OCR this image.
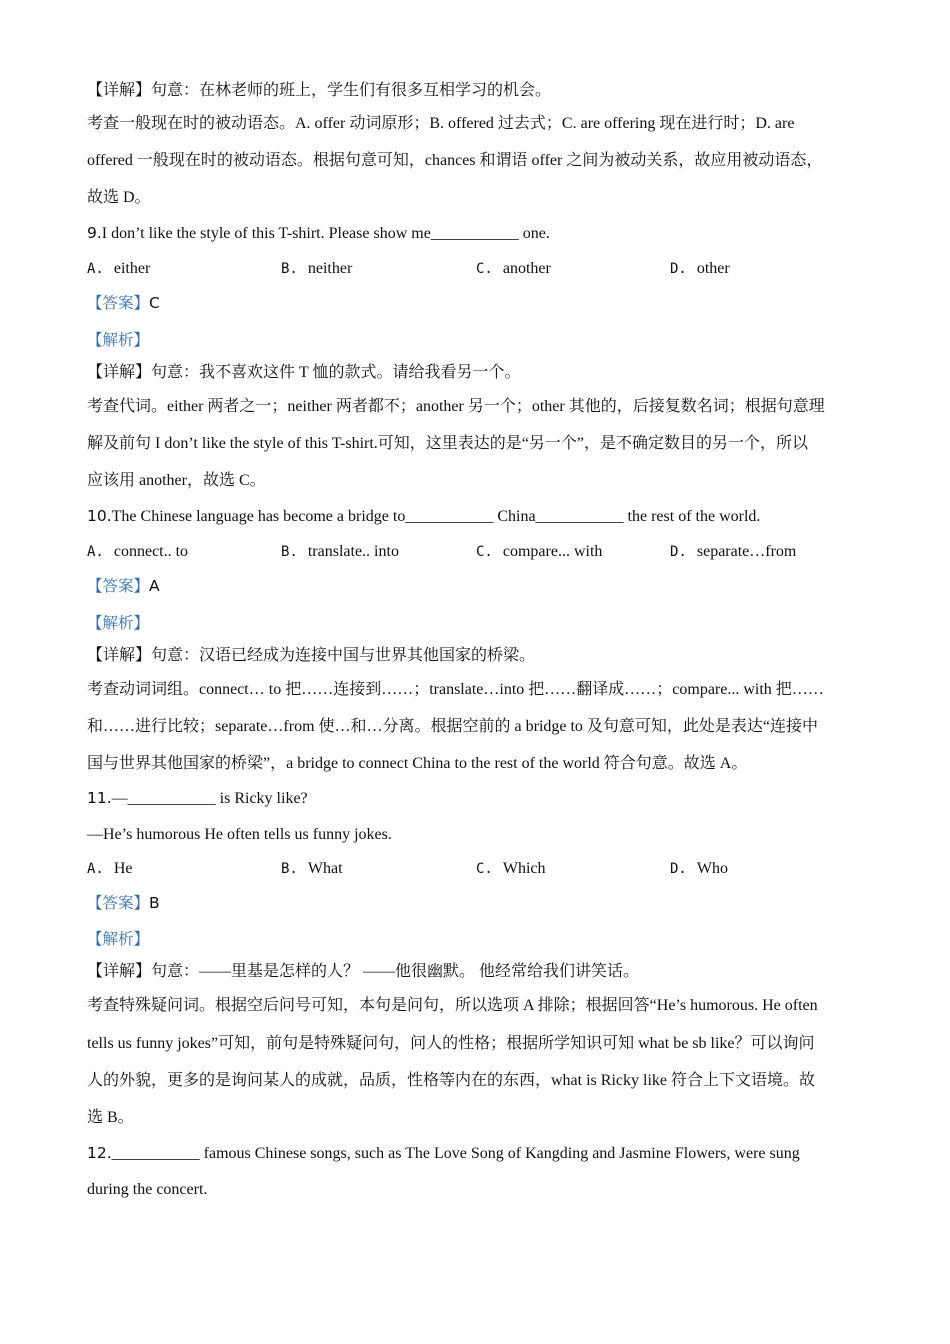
【详解】句意：在林老师的班上，学生们有很多互相学习的机会。
考查一般现在时的被动语态。A. offer 动词原形；B. offered 过去式；C. are offering 现在进行时；D. are
offered 一般现在时的被动语态。根据句意可知，chances 和谓语 offer 之间为被动关系，故应用被动语态，
故选 D。
9.I don’t like the style of this T-shirt. Please show me___________ one.
A. either	B. neither	C. another	D. other
【答案】C
【解析】
【详解】句意：我不喜欢这件 T 恤的款式。请给我看另一个。
考查代词。either 两者之一；neither 两者都不；another 另一个；other 其他的，后接复数名词；根据句意理
解及前句 I don’t like the style of this T-shirt.可知，这里表达的是“另一个”，是不确定数目的另一个，所以
应该用 another，故选 C。
10.The Chinese language has become a bridge to___________ China___________ the rest of the world.
A. connect.. to	B. translate.. into	C. compare... with	D. separate…from
【答案】A
【解析】
【详解】句意：汉语已经成为连接中国与世界其他国家的桥梁。
考查动词词组。connect… to 把……连接到……；translate…into 把……翻译成……；compare... with 把……
和……进行比较；separate…from 使…和…分离。根据空前的 a bridge to 及句意可知，此处是表达“连接中
国与世界其他国家的桥梁”，a bridge to connect China to the rest of the world 符合句意。故选 A。
11.—___________ is Ricky like?
—He’s humorous He often tells us funny jokes.
A. He	B. What	C. Which	D. Who
【答案】B
【解析】
【详解】句意：——里基是怎样的人？ ——他很幽默。 他经常给我们讲笑话。
考查特殊疑问词。根据空后问号可知，本句是问句，所以选项 A 排除；根据回答“He’s humorous. He often
tells us funny jokes”可知，前句是特殊疑问句，问人的性格；根据所学知识可知 what be sb like？可以询问
人的外貌，更多的是询问某人的成就，品质，性格等内在的东西，what is Ricky like 符合上下文语境。故
选 B。
12.___________ famous Chinese songs, such as The Love Song of Kangding and Jasmine Flowers, were sung
during the concert.
